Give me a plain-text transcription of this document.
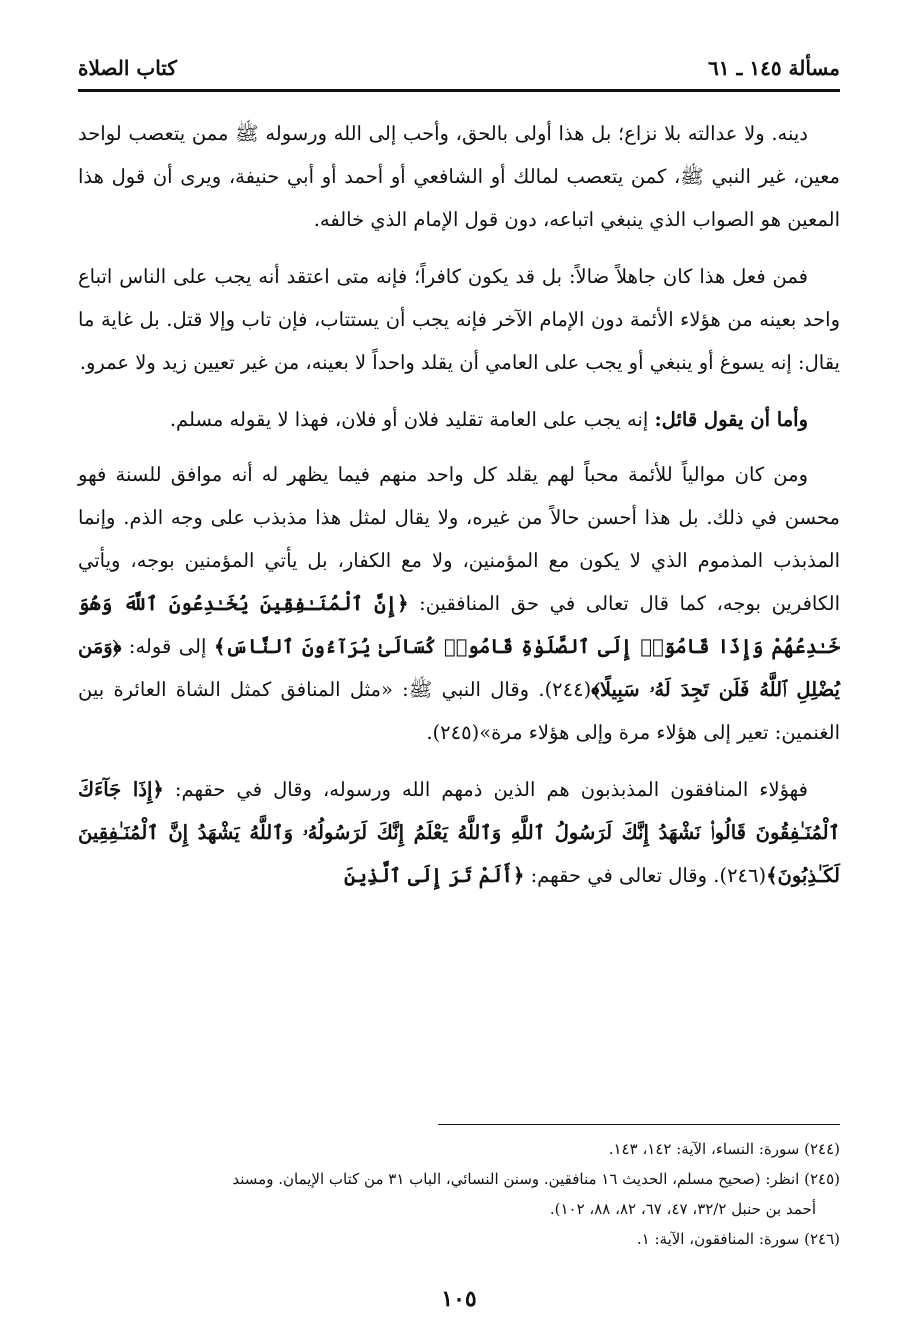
كتاب الصلاة	مسألة ١٤٥ ـ ٦١

دينه. ولا عدالته بلا نزاع؛ بل هذا أولى بالحق، وأحب إلى الله ورسوله ﷺ ممن يتعصب لواحد معين، غير النبي ﷺ، كمن يتعصب لمالك أو الشافعي أو أحمد أو أبي حنيفة، ويرى أن قول هذا المعين هو الصواب الذي ينبغي اتباعه، دون قول الإمام الذي خالفه.

فمن فعل هذا كان جاهلاً ضالاً: بل قد يكون كافراً؛ فإنه متى اعتقد أنه يجب على الناس اتباع واحد بعينه من هؤلاء الأئمة دون الإمام الآخر فإنه يجب أن يستتاب، فإن تاب وإلا قتل. بل غاية ما يقال: إنه يسوغ أو ينبغي أو يجب على العامي أن يقلد واحداً لا بعينه، من غير تعيين زيد ولا عمرو.

وأما أن يقول قائل: إنه يجب على العامة تقليد فلان أو فلان، فهذا لا يقوله مسلم.

ومن كان موالياً للأئمة محباً لهم يقلد كل واحد منهم فيما يظهر له أنه موافق للسنة فهو محسن في ذلك. بل هذا أحسن حالاً من غيره، ولا يقال لمثل هذا مذبذب على وجه الذم. وإنما المذبذب المذموم الذي لا يكون مع المؤمنين، ولا مع الكفار، بل يأتي المؤمنين بوجه، ويأتي الكافرين بوجه، كما قال تعالى في حق المنافقين: ﴿إِنَّ ٱلْمُنَـٰفِقِينَ يُخَـٰدِعُونَ ٱللَّهَ وَهُوَ خَـٰدِعُهُمْ وَإِذَا قَامُوٓا۟ إِلَى ٱلصَّلَوٰةِ قَامُوا۟ كُسَالَىٰ يُرَآءُونَ ٱلنَّاسَ﴾ إلى قوله: ﴿وَمَن يُضْلِلِ ٱللَّهُ فَلَن تَجِدَ لَهُۥ سَبِيلًا﴾(٢٤٤). وقال النبي ﷺ: «مثل المنافق كمثل الشاة العائرة بين الغنمين: تعير إلى هؤلاء مرة وإلى هؤلاء مرة»(٢٤٥).

فهؤلاء المنافقون المذبذبون هم الذين ذمهم الله ورسوله، وقال في حقهم: ﴿إِذَا جَآءَكَ ٱلْمُنَـٰفِقُونَ قَالُوا۟ نَشْهَدُ إِنَّكَ لَرَسُولُ ٱللَّهِ وَٱللَّهُ يَعْلَمُ إِنَّكَ لَرَسُولُهُۥ وَٱللَّهُ يَشْهَدُ إِنَّ ٱلْمُنَـٰفِقِينَ لَكَـٰذِبُونَ﴾(٢٤٦). وقال تعالى في حقهم: ﴿أَلَمْ تَرَ إِلَى ٱلَّذِينَ

(٢٤٤) سورة: النساء، الآية: ١٤٢، ١٤٣.

(٢٤٥) انظر: (صحيح مسلم، الحديث ١٦ منافقين. وسنن النسائي، الباب ٣١ من كتاب الإيمان. ومسند

أحمد بن حنبل ٣٢/٢، ٤٧، ٦٧، ٨٢، ٨٨، ١٠٢).

(٢٤٦) سورة: المنافقون، الآية: ١.

١٠٥
